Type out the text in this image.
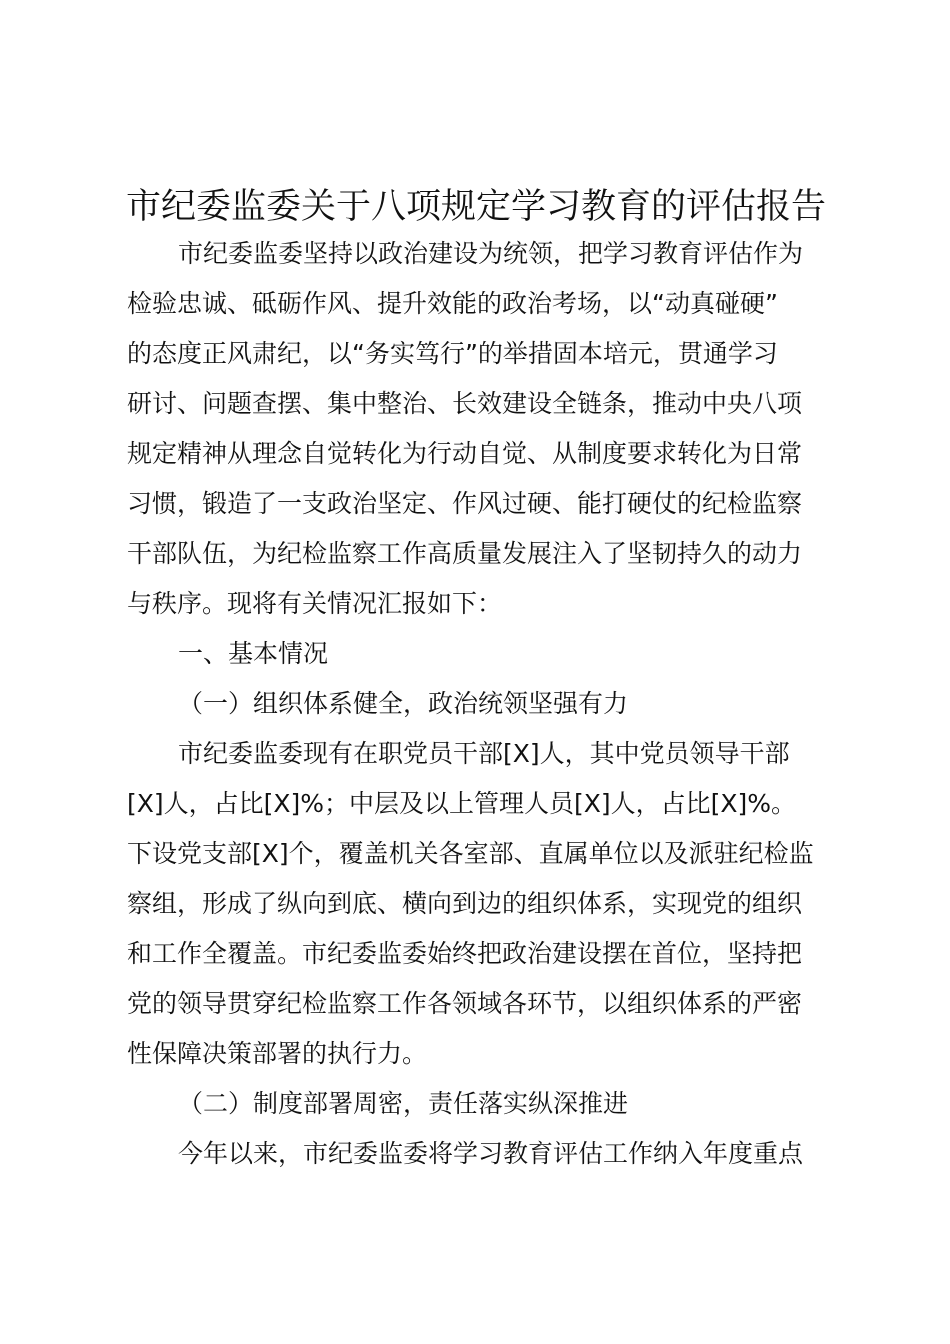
市纪委监委关于八项规定学习教育的评估报告
市纪委监委坚持以政治建设为统领，把学习教育评估作为
检验忠诚、砥砺作风、提升效能的政治考场，以“动真碰硬”
的态度正风肃纪，以“务实笃行”的举措固本培元，贯通学习
研讨、问题查摆、集中整治、长效建设全链条，推动中央八项
规定精神从理念自觉转化为行动自觉、从制度要求转化为日常
习惯，锻造了一支政治坚定、作风过硬、能打硬仗的纪检监察
干部队伍，为纪检监察工作高质量发展注入了坚韧持久的动力
与秩序。现将有关情况汇报如下：
一、基本情况
（一）组织体系健全，政治统领坚强有力
市纪委监委现有在职党员干部[X]人，其中党员领导干部
[X]人，占比[X]%；中层及以上管理人员[X]人，占比[X]%。
下设党支部[X]个，覆盖机关各室部、直属单位以及派驻纪检监
察组，形成了纵向到底、横向到边的组织体系，实现党的组织
和工作全覆盖。市纪委监委始终把政治建设摆在首位，坚持把
党的领导贯穿纪检监察工作各领域各环节，以组织体系的严密
性保障决策部署的执行力。
（二）制度部署周密，责任落实纵深推进
今年以来，市纪委监委将学习教育评估工作纳入年度重点
